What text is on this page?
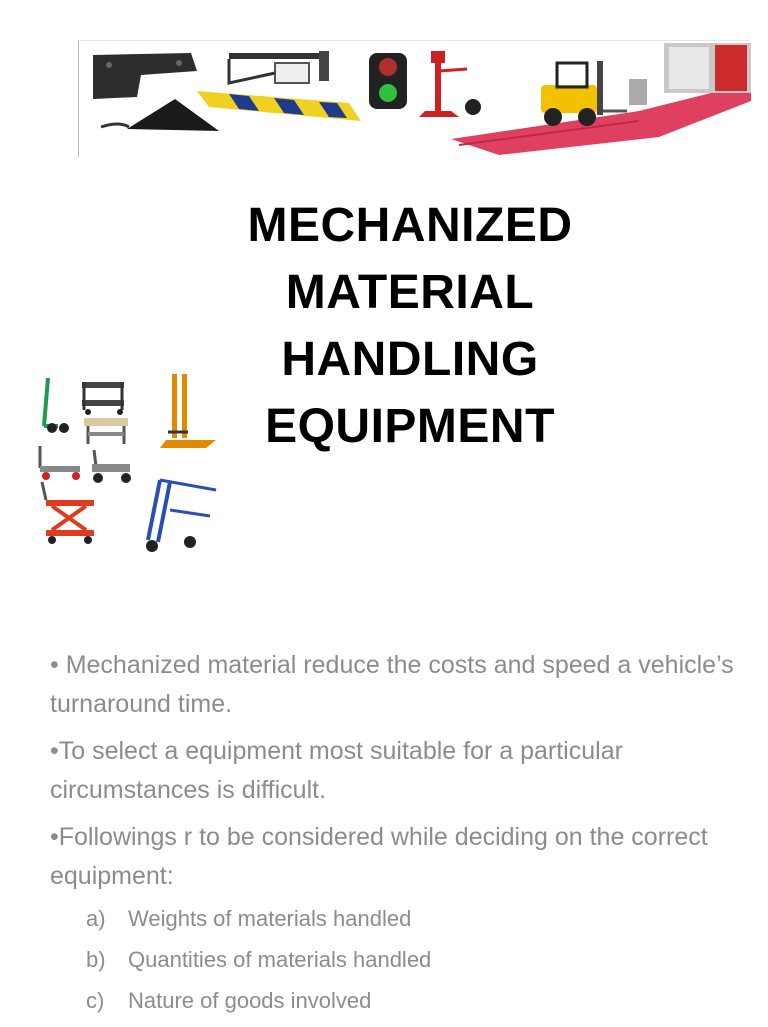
MECHANIZED
MATERIAL
HANDLING
EQUIPMENT
• Mechanized material reduce the costs and speed a vehicle’s turnaround time.
•To select a equipment most suitable for a particular circumstances is difficult.
•Followings r to be considered while deciding on the correct equipment:
a)	Weights of materials handled
b)	Quantities of materials handled
c)	Nature of goods involved
